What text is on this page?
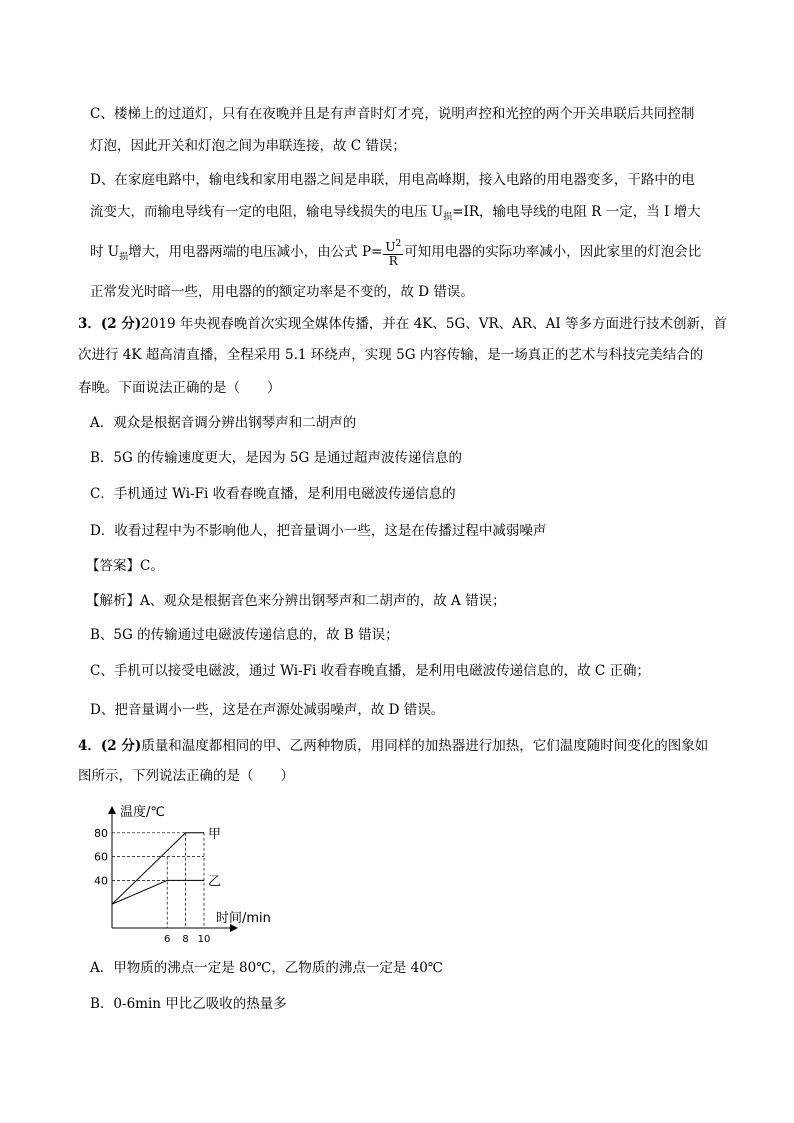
C、楼梯上的过道灯，只有在夜晚并且是有声音时灯才亮，说明声控和光控的两个开关串联后共同控制
灯泡，因此开关和灯泡之间为串联连接，故 C 错误；
D、在家庭电路中，输电线和家用电器之间是串联，用电高峰期，接入电路的用电器变多，干路中的电
流变大，而输电导线有一定的电阻，输电导线损失的电压 $U_损=IR$，输电导线的电阻 R 一定，当 I 增大
时 $U_损$增大，用电器两端的电压减小，由公式 $P= \frac{U^2}{R}$ 可知用电器的实际功率减小，因此家里的灯泡会比
正常发光时暗一些，用电器的的额定功率是不变的，故 D 错误。
3．(2 分)2019 年央视春晚首次实现全媒体传播，并在 4K、5G、VR、AR、AI 等多方面进行技术创新，首
次进行 4K 超高清直播，全程采用 5.1 环绕声，实现 5G 内容传输，是一场真正的艺术与科技完美结合的
春晚。下面说法正确的是（　　）
A．观众是根据音调分辨出钢琴声和二胡声的
B．5G 的传输速度更大，是因为 5G 是通过超声波传递信息的
C．手机通过 Wi-Fi 收看春晚直播，是利用电磁波传递信息的
D．收看过程中为不影响他人，把音量调小一些，这是在传播过程中减弱噪声
【答案】C。
【解析】A、观众是根据音色来分辨出钢琴声和二胡声的，故 A 错误；
B、5G 的传输通过电磁波传递信息的，故 B 错误；
C、手机可以接受电磁波，通过 Wi-Fi 收看春晚直播，是利用电磁波传递信息的，故 C 正确；
D、把音量调小一些，这是在声源处减弱噪声，故 D 错误。
4．(2 分)质量和温度都相同的甲、乙两种物质，用同样的加热器进行加热，它们温度随时间变化的图象如
图所示，下列说法正确的是（　　）
甲
乙
40
60
80
6 8 10
温度/℃
时间/min
A．甲物质的沸点一定是 80℃，乙物质的沸点一定是 40℃
B．0-6min 甲比乙吸收的热量多
